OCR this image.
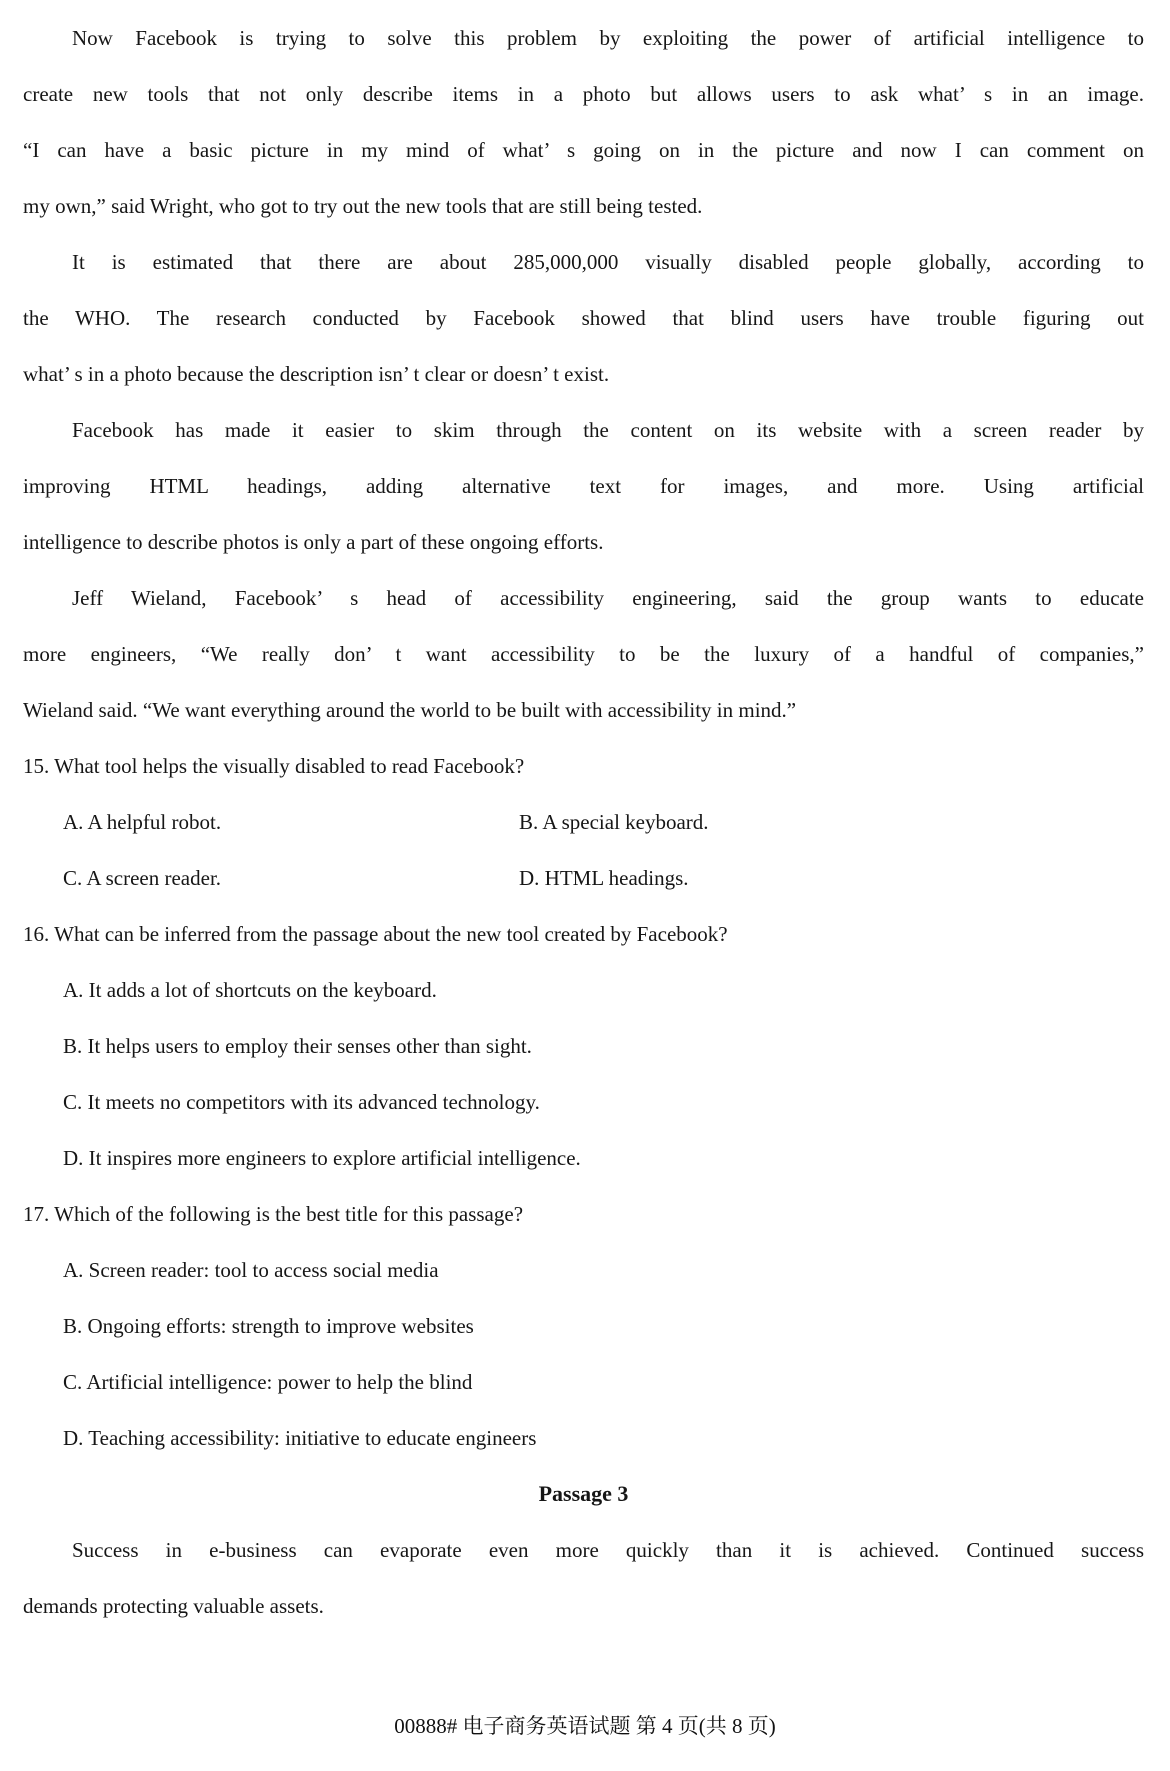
Now Facebook is trying to solve this problem by exploiting the power of artificial intelligence to
create new tools that not only describe items in a photo but allows users to ask what’ s in an image.
“I can have a basic picture in my mind of what’ s going on in the picture and now I can comment on
my own,” said Wright, who got to try out the new tools that are still being tested.
It is estimated that there are about 285,000,000 visually disabled people globally, according to
the WHO. The research conducted by Facebook showed that blind users have trouble figuring out
what’ s in a photo because the description isn’ t clear or doesn’ t exist.
Facebook has made it easier to skim through the content on its website with a screen reader by
improving HTML headings, adding alternative text for images, and more. Using artificial
intelligence to describe photos is only a part of these ongoing efforts.
Jeff Wieland, Facebook’ s head of accessibility engineering, said the group wants to educate
more engineers, “We really don’ t want accessibility to be the luxury of a handful of companies,”
Wieland said. “We want everything around the world to be built with accessibility in mind.”
15. What tool helps the visually disabled to read Facebook?
A. A helpful robot.	B. A special keyboard.
C. A screen reader.	D. HTML headings.
16. What can be inferred from the passage about the new tool created by Facebook?
A. It adds a lot of shortcuts on the keyboard.
B. It helps users to employ their senses other than sight.
C. It meets no competitors with its advanced technology.
D. It inspires more engineers to explore artificial intelligence.
17. Which of the following is the best title for this passage?
A. Screen reader: tool to access social media
B. Ongoing efforts: strength to improve websites
C. Artificial intelligence: power to help the blind
D. Teaching accessibility: initiative to educate engineers
Passage 3
Success in e-business can evaporate even more quickly than it is achieved. Continued success
demands protecting valuable assets.
00888# 电子商务英语试题 第 4 页(共 8 页)
